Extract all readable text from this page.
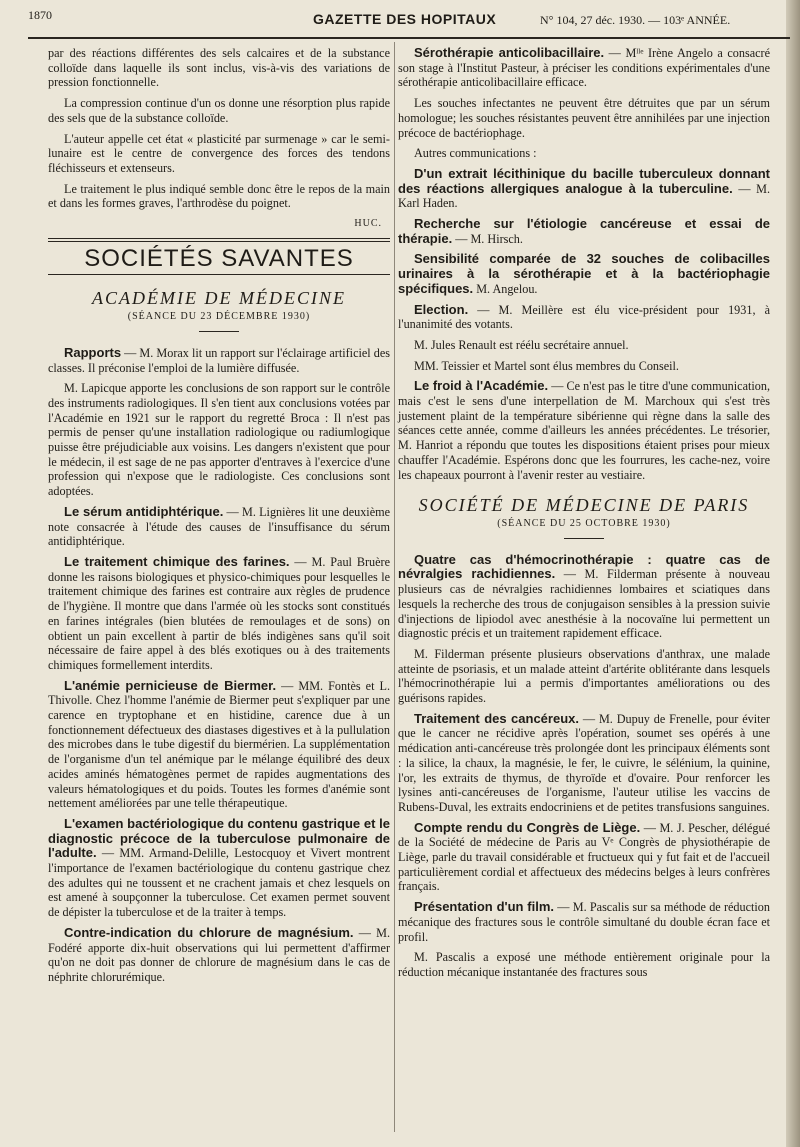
1870	GAZETTE DES HOPITAUX	N° 104, 27 déc. 1930. — 103ᵉ ANNÉE.

par des réactions différentes des sels calcaires et de la substance colloïde dans laquelle ils sont inclus, vis-à-vis des variations de pression fonctionnelle.

La compression continue d'un os donne une résorption plus rapide des sels que de la substance colloïde.

L'auteur appelle cet état « plasticité par surmenage » car le semi-lunaire est le centre de convergence des forces des tendons fléchisseurs et extenseurs.

Le traitement le plus indiqué semble donc être le repos de la main et dans les formes graves, l'arthrodèse du poignet.

HUC.
SOCIÉTÉS SAVANTES
ACADÉMIE DE MÉDECINE
(SÉANCE DU 23 DÉCEMBRE 1930)

Rapports — M. Morax lit un rapport sur l'éclairage artificiel des classes. Il préconise l'emploi de la lumière diffusée.

M. Lapicque apporte les conclusions de son rapport sur le contrôle des instruments radiologiques. Il s'en tient aux conclusions votées par l'Académie en 1921 sur le rapport du regretté Broca : Il n'est pas permis de penser qu'une installation radiologique ou radiumlogique puisse être préjudiciable aux voisins. Les dangers n'existent que pour le médecin, il est sage de ne pas apporter d'entraves à l'exercice d'une profession qui n'expose que le radiologiste. Ces conclusions sont adoptées.

Le sérum antidiphtérique. — M. Lignières lit une deuxième note consacrée à l'étude des causes de l'insuffisance du sérum antidiphtérique.

Le traitement chimique des farines. — M. Paul Bruère donne les raisons biologiques et physico-chimiques pour lesquelles le traitement chimique des farines est contraire aux règles de prudence de l'hygiène. Il montre que dans l'armée où les stocks sont constitués en farines intégrales (bien blutées de remoulages et de sons) on obtient un pain excellent à partir de blés indigènes sans qu'il soit nécessaire de faire appel à des blés exotiques ou à des traitements chimiques formellement interdits.

L'anémie pernicieuse de Biermer. — MM. Fontès et L. Thivolle. Chez l'homme l'anémie de Biermer peut s'expliquer par une carence en tryptophane et en histidine, carence due à un fonctionnement défectueux des diastases digestives et à la pullulation des microbes dans le tube digestif du biermérien. La supplémentation de l'organisme d'un tel anémique par le mélange équilibré des deux acides aminés hématogènes permet de rapides augmentations des valeurs hématologiques et du poids. Toutes les formes d'anémie sont nettement améliorées par une telle thérapeutique.

L'examen bactériologique du contenu gastrique et le diagnostic précoce de la tuberculose pulmonaire de l'adulte. — MM. Armand-Delille, Lestocquoy et Vivert montrent l'importance de l'examen bactériologique du contenu gastrique chez des adultes qui ne toussent et ne crachent jamais et chez lesquels on est amené à soupçonner la tuberculose. Cet examen permet souvent de dépister la tuberculose et de la traiter à temps.

Contre-indication du chlorure de magnésium. — M. Fodéré apporte dix-huit observations qui lui permettent d'affirmer qu'on ne doit pas donner de chlorure de magnésium dans le cas de néphrite chlorurémique.

Sérothérapie anticolibacillaire. — Mˡˡᵉ Irène Angelo a consacré son stage à l'Institut Pasteur, à préciser les conditions expérimentales d'une sérothérapie anticolibacillaire efficace.

Les souches infectantes ne peuvent être détruites que par un sérum homologue; les souches résistantes peuvent être annihilées par une injection précoce de bactériophage.

Autres communications :

D'un extrait lécithinique du bacille tuberculeux donnant des réactions allergiques analogue à la tuberculine. — M. Karl Haden.

Recherche sur l'étiologie cancéreuse et essai de thérapie. — M. Hirsch.

Sensibilité comparée de 32 souches de colibacilles urinaires à la sérothérapie et à la bactériophagie spécifiques. M. Angelou.

Election. — M. Meillère est élu vice-président pour 1931, à l'unanimité des votants.

M. Jules Renault est réélu secrétaire annuel.

MM. Teissier et Martel sont élus membres du Conseil.

Le froid à l'Académie. — Ce n'est pas le titre d'une communication, mais c'est le sens d'une interpellation de M. Marchoux qui s'est très justement plaint de la température sibérienne qui règne dans la salle des séances cette année, comme d'ailleurs les années précédentes. Le trésorier, M. Hanriot a répondu que toutes les dispositions étaient prises pour mieux chauffer l'Académie. Espérons donc que les fourrures, les cache-nez, voire les chapeaux pourront à l'avenir rester au vestiaire.

SOCIÉTÉ DE MÉDECINE DE PARIS
(SÉANCE DU 25 OCTOBRE 1930)

Quatre cas d'hémocrinothérapie : quatre cas de névralgies rachidiennes. — M. Filderman présente à nouveau plusieurs cas de névralgies rachidiennes lombaires et sciatiques dans lesquels la recherche des trous de conjugaison sensibles à la pression suivie d'injections de lipiodol avec anesthésie à la nocovaïne lui permettent un diagnostic précis et un traitement rapidement efficace.

M. Filderman présente plusieurs observations d'anthrax, une malade atteinte de psoriasis, et un malade atteint d'artérite oblitérante dans lesquels l'hémocrinothérapie lui a permis d'importantes améliorations ou des guérisons rapides.

Traitement des cancéreux. — M. Dupuy de Frenelle, pour éviter que le cancer ne récidive après l'opération, soumet ses opérés à une médication anti-cancéreuse très prolongée dont les principaux éléments sont : la silice, la chaux, la magnésie, le fer, le cuivre, le sélénium, la quinine, l'or, les extraits de thymus, de thyroïde et d'ovaire. Pour renforcer les lysines anti-cancéreuses de l'organisme, l'auteur utilise les vaccins de Rubens-Duval, les extraits endocriniens et de petites transfusions sanguines.

Compte rendu du Congrès de Liège. — M. J. Pescher, délégué de la Société de médecine de Paris au Vᵉ Congrès de physiothérapie de Liège, parle du travail considérable et fructueux qui y fut fait et de l'accueil particulièrement cordial et affectueux des médecins belges à leurs confrères français.

Présentation d'un film. — M. Pascalis sur sa méthode de réduction mécanique des fractures sous le contrôle simultané du double écran face et profil.

M. Pascalis a exposé une méthode entièrement originale pour la réduction mécanique instantanée des fractures sous
